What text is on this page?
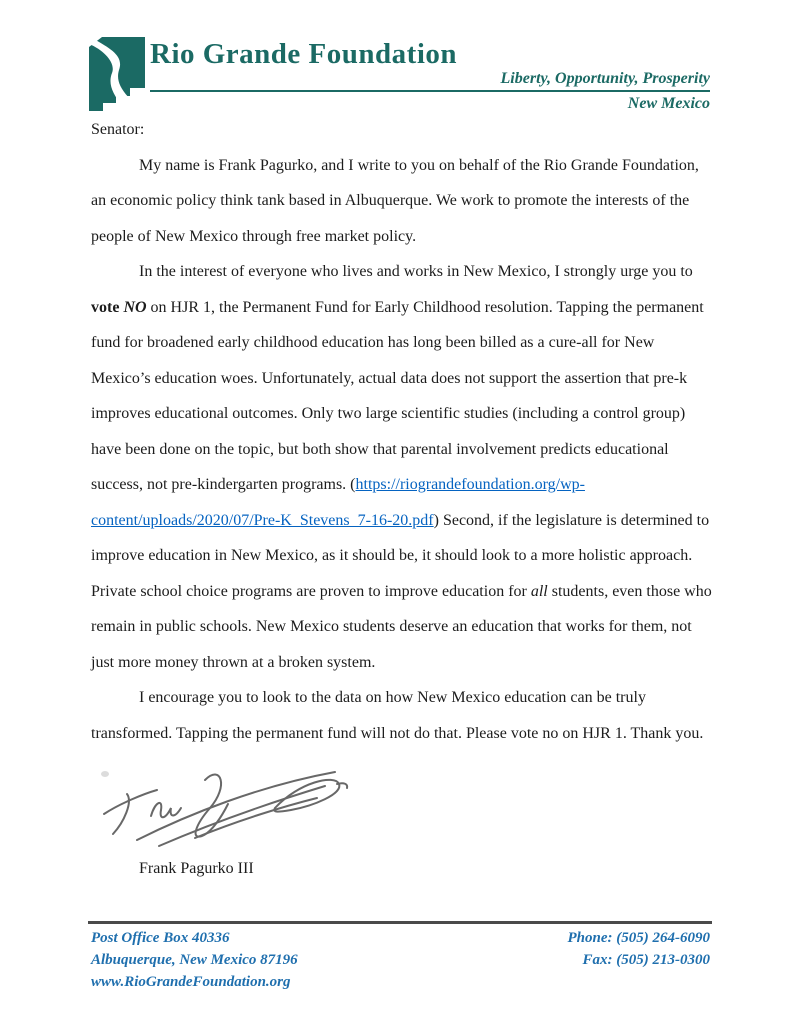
Rio Grande Foundation
Liberty, Opportunity, Prosperity
New Mexico
Senator:
My name is Frank Pagurko, and I write to you on behalf of the Rio Grande Foundation,
an economic policy think tank based in Albuquerque. We work to promote the interests of the
people of New Mexico through free market policy.
In the interest of everyone who lives and works in New Mexico, I strongly urge you to
vote NO on HJR 1, the Permanent Fund for Early Childhood resolution. Tapping the permanent
fund for broadened early childhood education has long been billed as a cure-all for New
Mexico’s education woes. Unfortunately, actual data does not support the assertion that pre-k
improves educational outcomes. Only two large scientific studies (including a control group)
have been done on the topic, but both show that parental involvement predicts educational
success, not pre-kindergarten programs. (https://riograndefoundation.org/wp-
content/uploads/2020/07/Pre-K_Stevens_7-16-20.pdf) Second, if the legislature is determined to
improve education in New Mexico, as it should be, it should look to a more holistic approach.
Private school choice programs are proven to improve education for all students, even those who
remain in public schools. New Mexico students deserve an education that works for them, not
just more money thrown at a broken system.
I encourage you to look to the data on how New Mexico education can be truly
transformed. Tapping the permanent fund will not do that. Please vote no on HJR 1. Thank you.
Frank Pagurko III
Post Office Box 40336
Albuquerque, New Mexico 87196
www.RioGrandeFoundation.org
Phone: (505) 264-6090
Fax: (505) 213-0300
